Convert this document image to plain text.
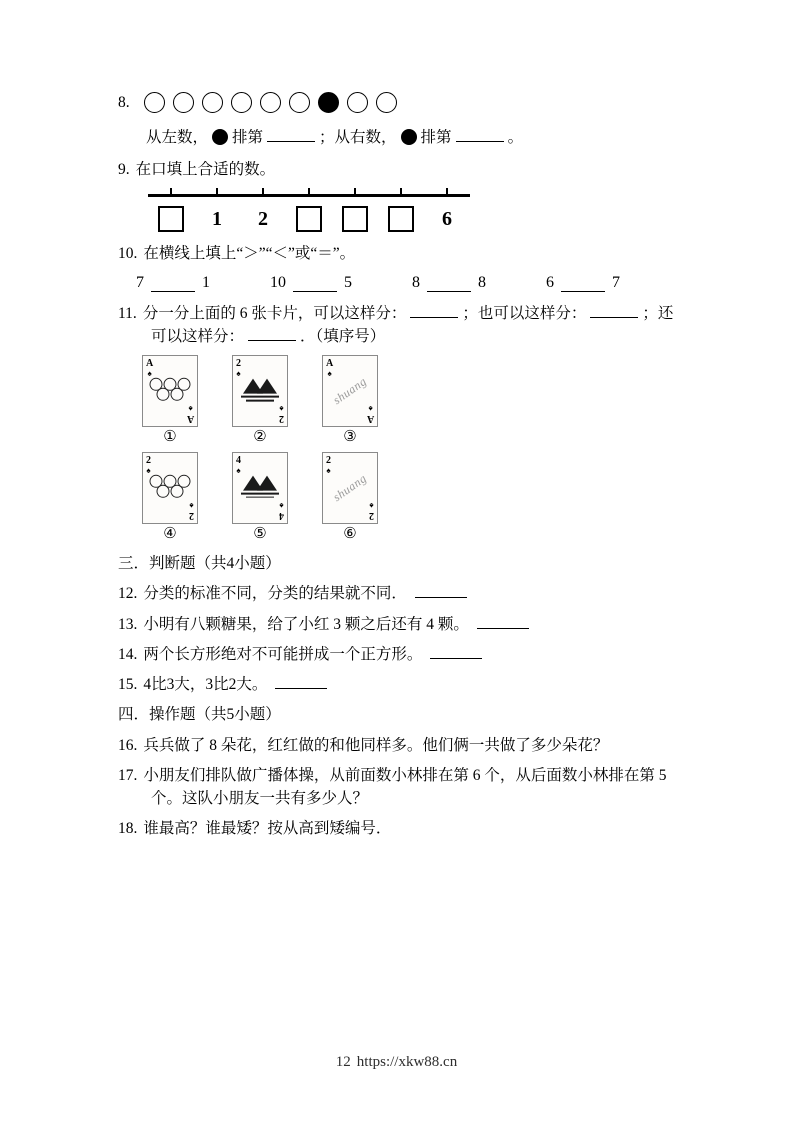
8.
从左数， 排第	；从右数， 排第	。
9. 在口填上合适的数。
1 2	6
10. 在横线上填上“＞”“＜”或“＝”。
7	1	10	5	8	8	6	7
11. 分一分上面的 6 张卡片，可以这样分：	；也可以这样分：	；还可以这样分：	．（填序号）
A
♠
A
♠
①
2
♠
2
♠
②
A
♠
shuang
A
♠
③
2
♠
2
♠
④
4
♠
4
♠
⑤
2
♠
shuang
2
♠
⑥
三．判断题（共4小题）
12. 分类的标准不同，分类的结果就不同．
13. 小明有八颗糖果，给了小红 3 颗之后还有 4 颗。
14. 两个长方形绝对不可能拼成一个正方形。
15. 4比3大，3比2大。
四．操作题（共5小题）
16. 兵兵做了 8 朵花，红红做的和他同样多。他们俩一共做了多少朵花？
17. 小朋友们排队做广播体操，从前面数小林排在第 6 个，从后面数小林排在第 5 个。这队小朋友一共有多少人？
18. 谁最高？谁最矮？按从高到矮编号．
12 https://xkw88.cn
